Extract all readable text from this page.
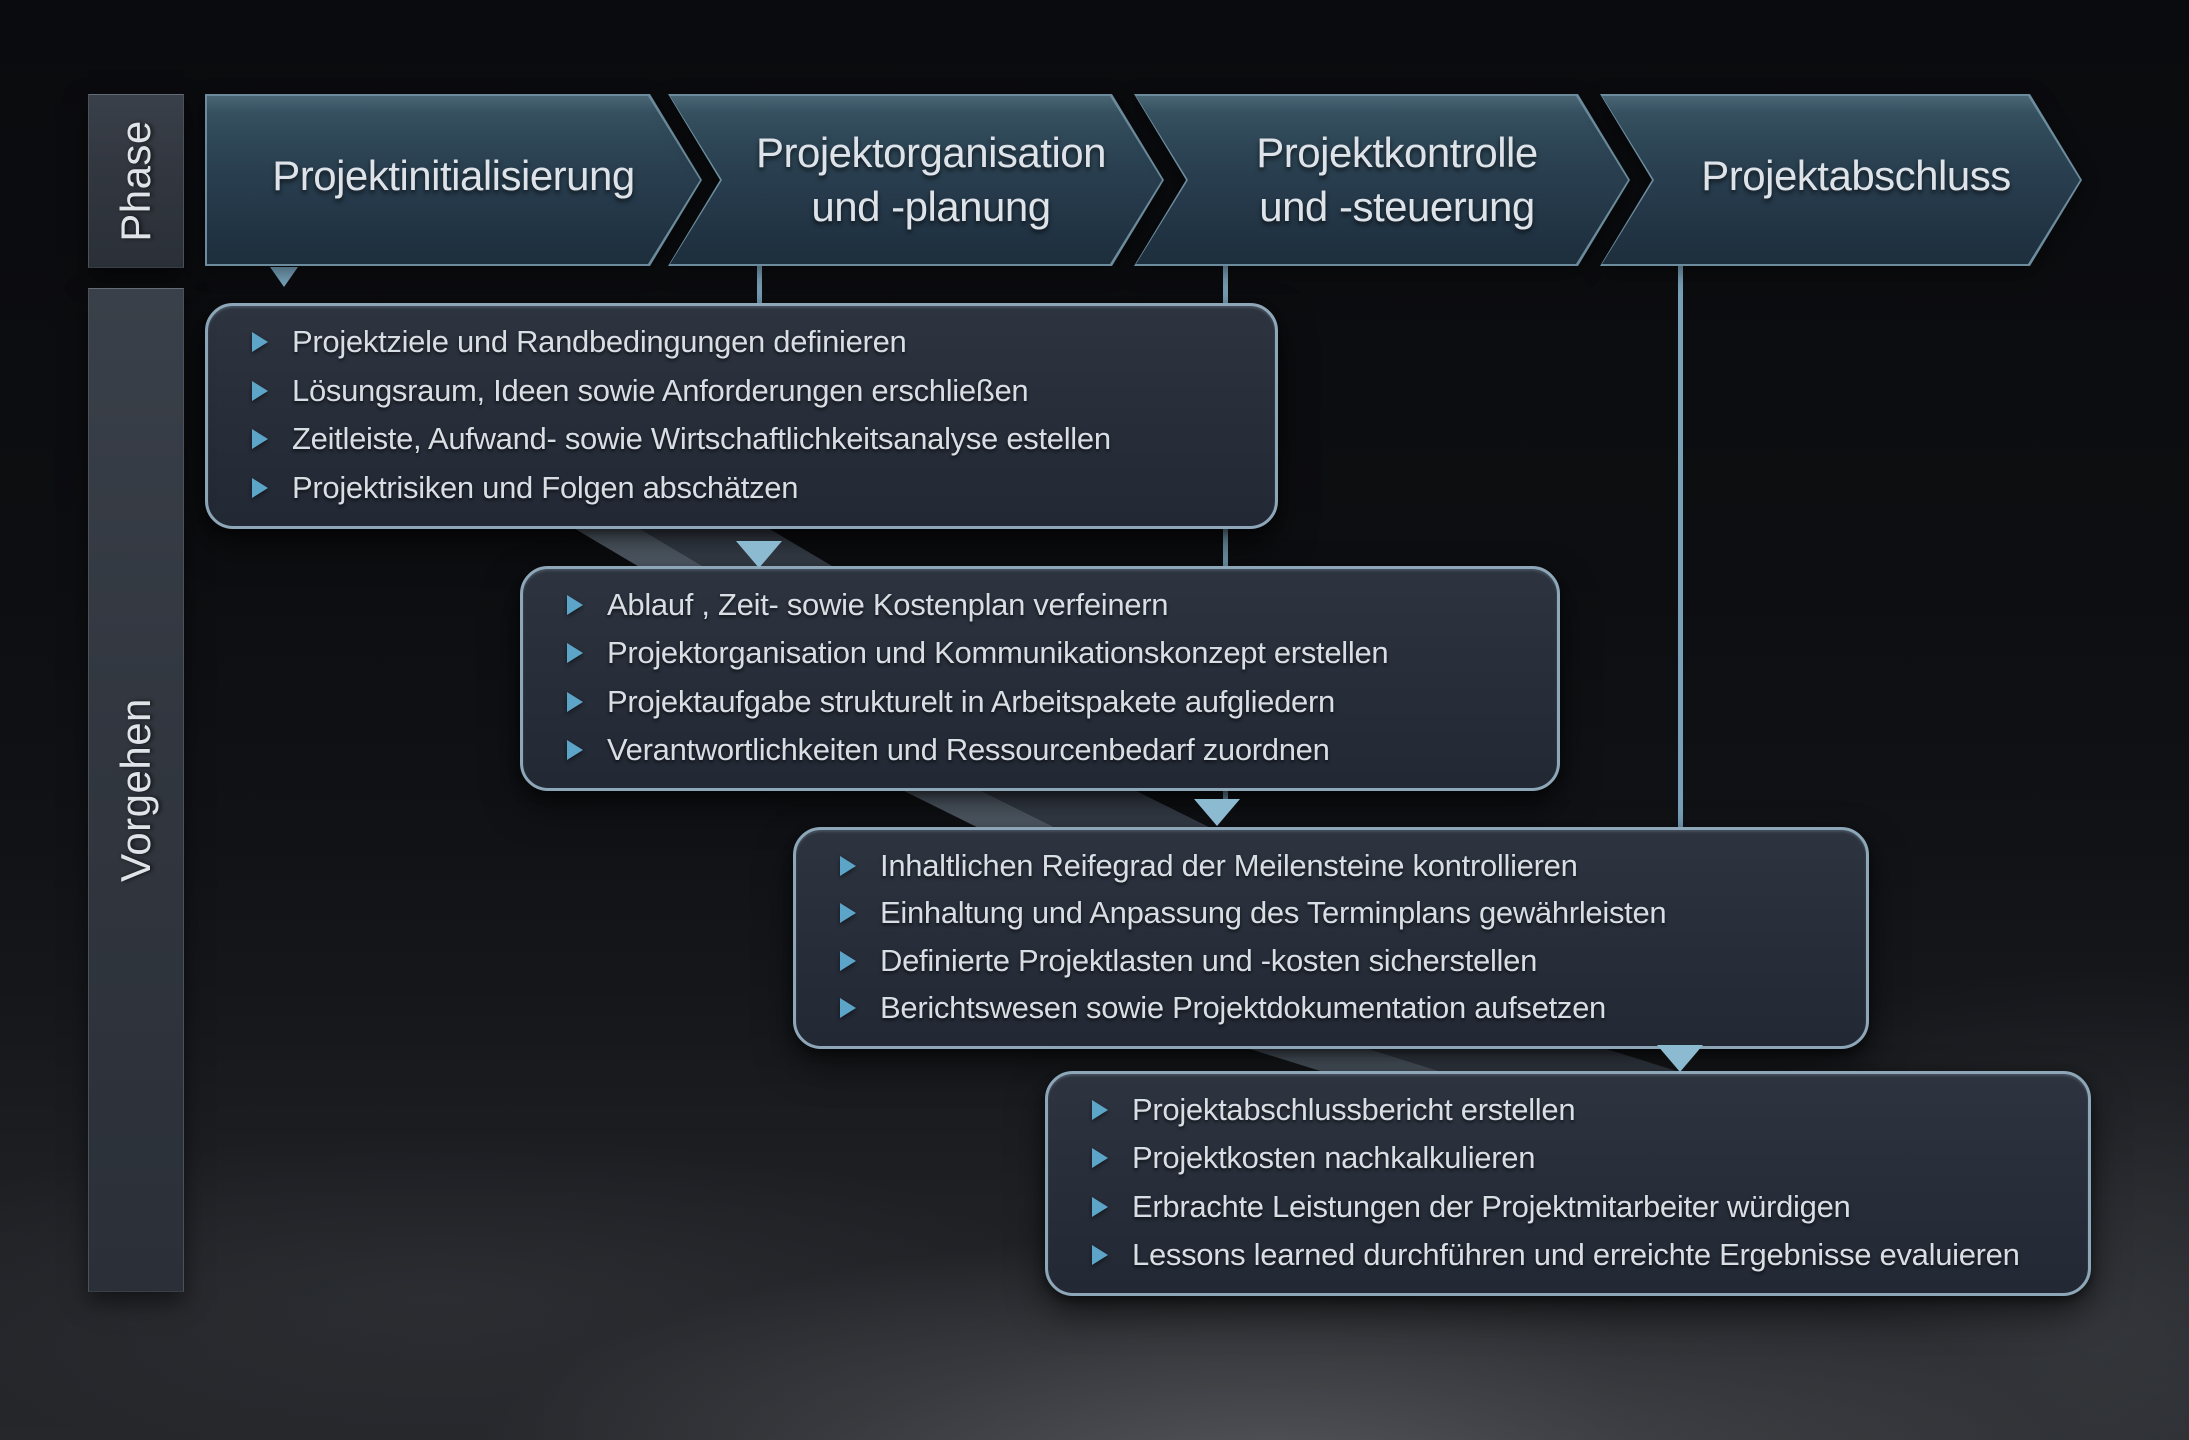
Phase
Vorgehen
Projektinitialisierung	Projektorganisation
und -planung
Projektkontrolle
und -steuerung
Projektabschluss
Projektziele und Randbedingungen definieren
Lösungsraum, Ideen sowie Anforderungen erschließen
Zeitleiste, Aufwand- sowie Wirtschaftlichkeitsanalyse estellen
Projektrisiken und Folgen abschätzen
Ablauf , Zeit- sowie Kostenplan verfeinern
Projektorganisation und Kommunikationskonzept erstellen
Projektaufgabe strukturelt in Arbeitspakete aufgliedern
Verantwortlichkeiten und Ressourcenbedarf zuordnen
Inhaltlichen Reifegrad der Meilensteine kontrollieren
Einhaltung und Anpassung des Terminplans gewährleisten
Definierte Projektlasten und -kosten sicherstellen
Berichtswesen sowie Projektdokumentation aufsetzen
Projektabschlussbericht erstellen
Projektkosten nachkalkulieren
Erbrachte Leistungen der Projektmitarbeiter würdigen
Lessons learned durchführen und erreichte Ergebnisse evaluieren
